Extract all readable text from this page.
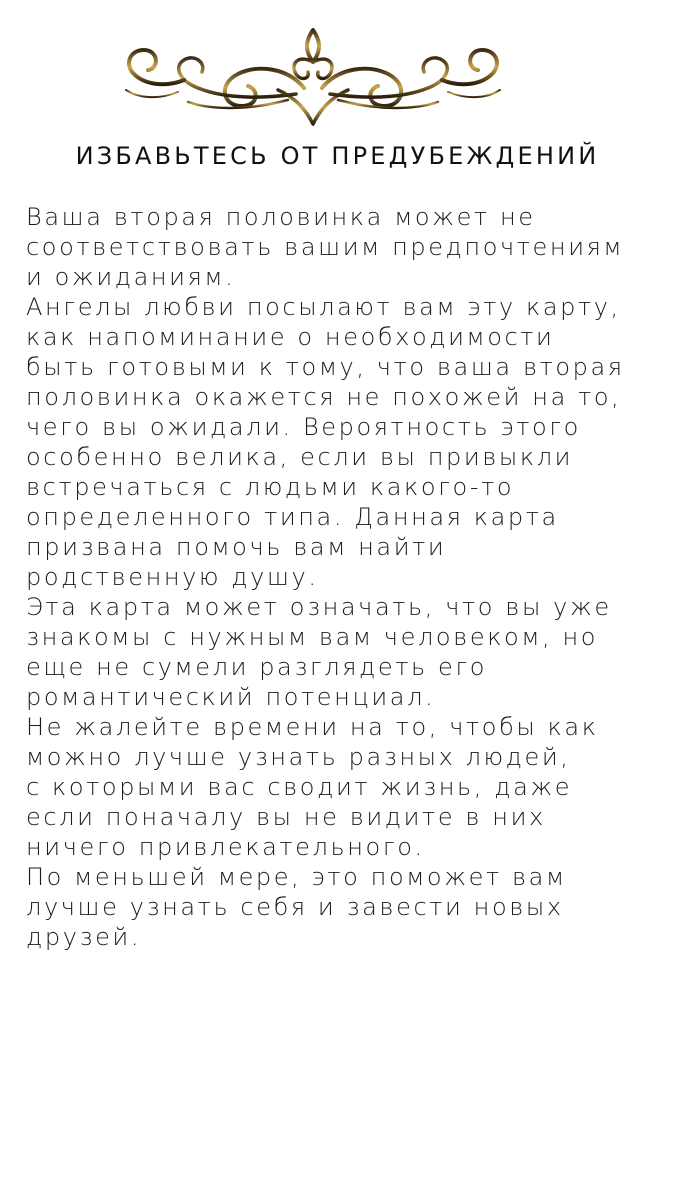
ИЗБАВЬТЕСЬ ОТ ПРЕДУБЕЖДЕНИЙ
Ваша вторая половинка может не
соответствовать вашим предпочтениям
и ожиданиям.
Ангелы любви посылают вам эту карту,
как напоминание о необходимости
быть готовыми к тому, что ваша вторая
половинка окажется не похожей на то,
чего вы ожидали. Вероятность этого
особенно велика, если вы привыкли
встречаться с людьми какого-то
определенного типа. Данная карта
призвана помочь вам найти
родственную душу.
Эта карта может означать, что вы уже
знакомы с нужным вам человеком, но
еще не сумели разглядеть его
романтический потенциал.
Не жалейте времени на то, чтобы как
можно лучше узнать разных людей,
с которыми вас сводит жизнь, даже
если поначалу вы не видите в них
ничего привлекательного.
По меньшей мере, это поможет вам
лучше узнать себя и завести новых
друзей.
